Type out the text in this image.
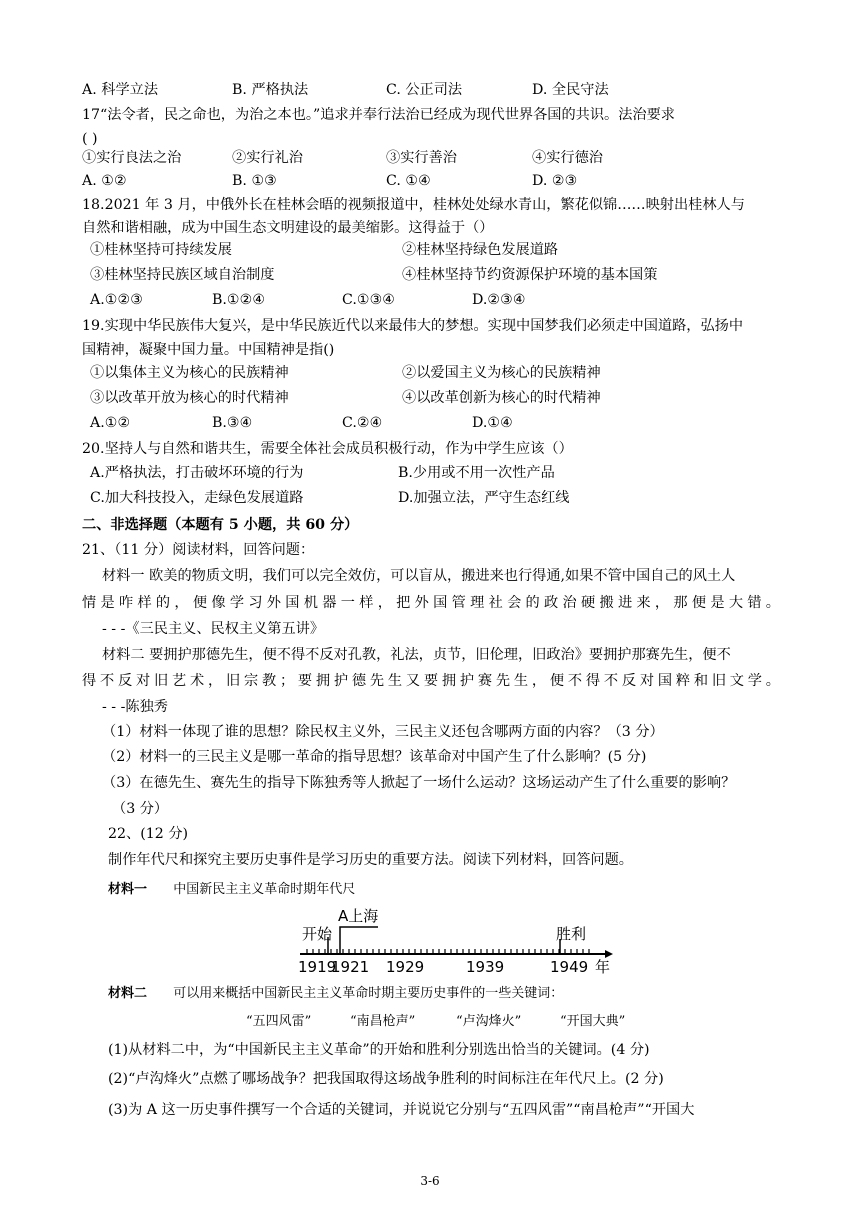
A. 科学立法	B. 严格执法	C. 公正司法	D. 全民守法
17“法令者，民之命也，为治之本也。”追求并奉行法治已经成为现代世界各国的共识。法治要求
( )
①实行良法之治	②实行礼治	③实行善治	④实行德治
A. ①②	B. ①③	C. ①④	D. ②③
18.2021 年 3 月，中俄外长在桂林会晤的视频报道中，桂林处处绿水青山，繁花似锦……映射出桂林人与
自然和谐相融，成为中国生态文明建设的最美缩影。这得益于（）
①桂林坚持可持续发展	②桂林坚持绿色发展道路
③桂林坚持民族区域自治制度	④桂林坚持节约资源保护环境的基本国策
A.①②③	B.①②④	C.①③④	D.②③④
19.实现中华民族伟大复兴，是中华民族近代以来最伟大的梦想。实现中国梦我们必须走中国道路，弘扬中
国精神，凝聚中国力量。中国精神是指()
①以集体主义为核心的民族精神	②以爱国主义为核心的民族精神
③以改革开放为核心的时代精神	④以改革创新为核心的时代精神
A.①②	B.③④	C.②④	D.①④
20.坚持人与自然和谐共生，需要全体社会成员积极行动，作为中学生应该（）
A.严格执法，打击破坏环境的行为	B.少用或不用一次性产品
C.加大科技投入，走绿色发展道路	D.加强立法，严守生态红线
二、非选择题（本题有 5 小题，共 60 分）
21、（11 分）阅读材料，回答问题：
材料一 欧美的物质文明，我们可以完全效仿，可以盲从，搬进来也行得通,如果不管中国自己的风土人
情是咋样的，便像学习外国机器一样，把外国管理社会的政治硬搬进来，那便是大错。
- - -《三民主义、民权主义第五讲》
材料二 要拥护那德先生，便不得不反对孔教，礼法，贞节，旧伦理，旧政治》要拥护那赛先生，便不
得不反对旧艺术，旧宗教；要拥护德先生又要拥护赛先生，便不得不反对国粹和旧文学。
- - -陈独秀
（1）材料一体现了谁的思想？除民权主义外，三民主义还包含哪两方面的内容？（3 分）
（2）材料一的三民主义是哪一革命的指导思想？该革命对中国产生了什么影响？(5 分)
（3）在德先生、赛先生的指导下陈独秀等人掀起了一场什么运动？这场运动产生了什么重要的影响？
（3 分）
22、(12 分)
制作年代尺和探究主要历史事件是学习历史的重要方法。阅读下列材料，回答问题。
材料一 中国新民主主义革命时期年代尺
A上海
开始	胜利
1919
1921 1929	1939	1949 年
材料二 可以用来概括中国新民主主义革命时期主要历史事件的一些关键词：
“五四风雷”	“南昌枪声”	“卢沟烽火”	“开国大典”
(1)从材料二中，为“中国新民主主义革命”的开始和胜利分别选出恰当的关键词。(4 分)
(2)“卢沟烽火”点燃了哪场战争？把我国取得这场战争胜利的时间标注在年代尺上。(2 分)
(3)为 A 这一历史事件撰写一个合适的关键词，并说说它分别与“五四风雷”“南昌枪声”“开国大
3-6
